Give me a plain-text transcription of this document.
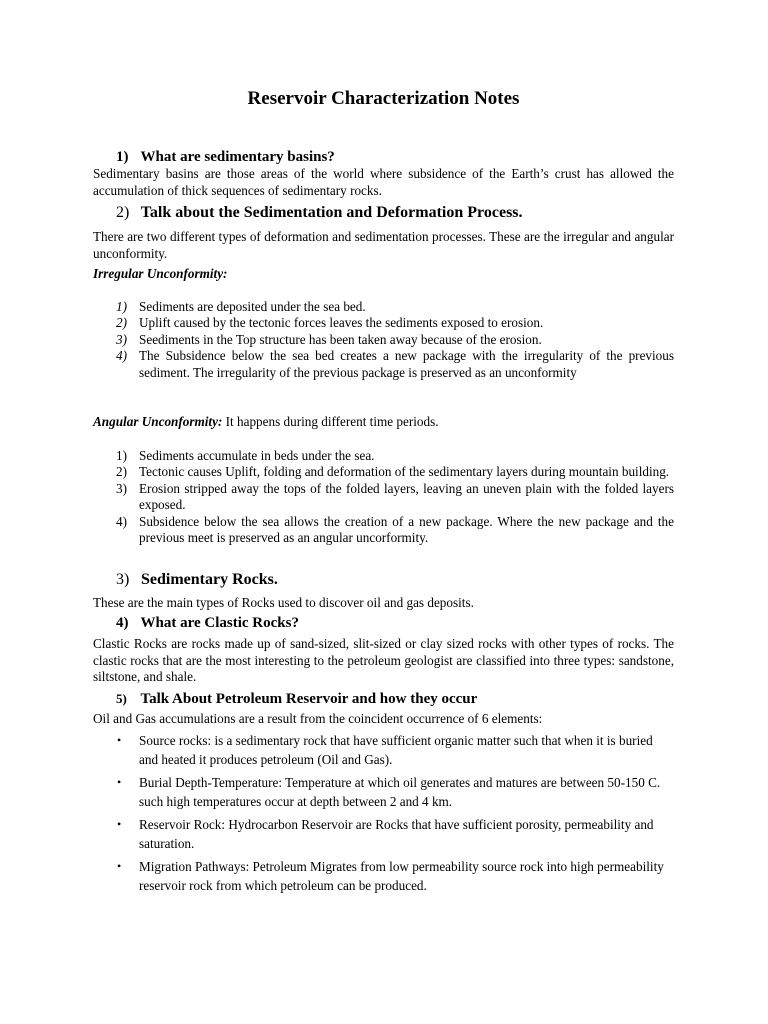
Reservoir Characterization Notes
1) What are sedimentary basins?

Sedimentary basins are those areas of the world where subsidence of the Earth’s crust has allowed the accumulation of thick sequences of sedimentary rocks.

2) Talk about the Sedimentation and Deformation Process.

There are two different types of deformation and sedimentation processes. These are the irregular and angular unconformity.

Irregular Unconformity:
1) Sediments are deposited under the sea bed.
2) Uplift caused by the tectonic forces leaves the sediments exposed to erosion.
3) Seediments in the Top structure has been taken away because of the erosion.
4) The Subsidence below the sea bed creates a new package with the irregularity of the previous sediment. The irregularity of the previous package is preserved as an unconformity

Angular Unconformity: It happens during different time periods.

1) Sediments accumulate in beds under the sea.
2) Tectonic causes Uplift, folding and deformation of the sedimentary layers during mountain building.
3) Erosion stripped away the tops of the folded layers, leaving an uneven plain with the folded layers exposed.
4) Subsidence below the sea allows the creation of a new package. Where the new package and the previous meet is preserved as an angular uncorformity.
3) Sedimentary Rocks.

These are the main types of Rocks used to discover oil and gas deposits.

4) What are Clastic Rocks?

Clastic Rocks are rocks made up of sand-sized, slit-sized or clay sized rocks with other types of rocks. The clastic rocks that are the most interesting to the petroleum geologist are classified into three types: sandstone, siltstone, and shale.

5) Talk About Petroleum Reservoir and how they occur

Oil and Gas accumulations are a result from the coincident occurrence of 6 elements:

• Source rocks: is a sedimentary rock that have sufficient organic matter such that when it is buried and heated it produces petroleum (Oil and Gas).
• Burial Depth-Temperature: Temperature at which oil generates and matures are between 50-150 C. such high temperatures occur at depth between 2 and 4 km.
• Reservoir Rock: Hydrocarbon Reservoir are Rocks that have sufficient porosity, permeability and saturation.
• Migration Pathways: Petroleum Migrates from low permeability source rock into high permeability reservoir rock from which petroleum can be produced.
